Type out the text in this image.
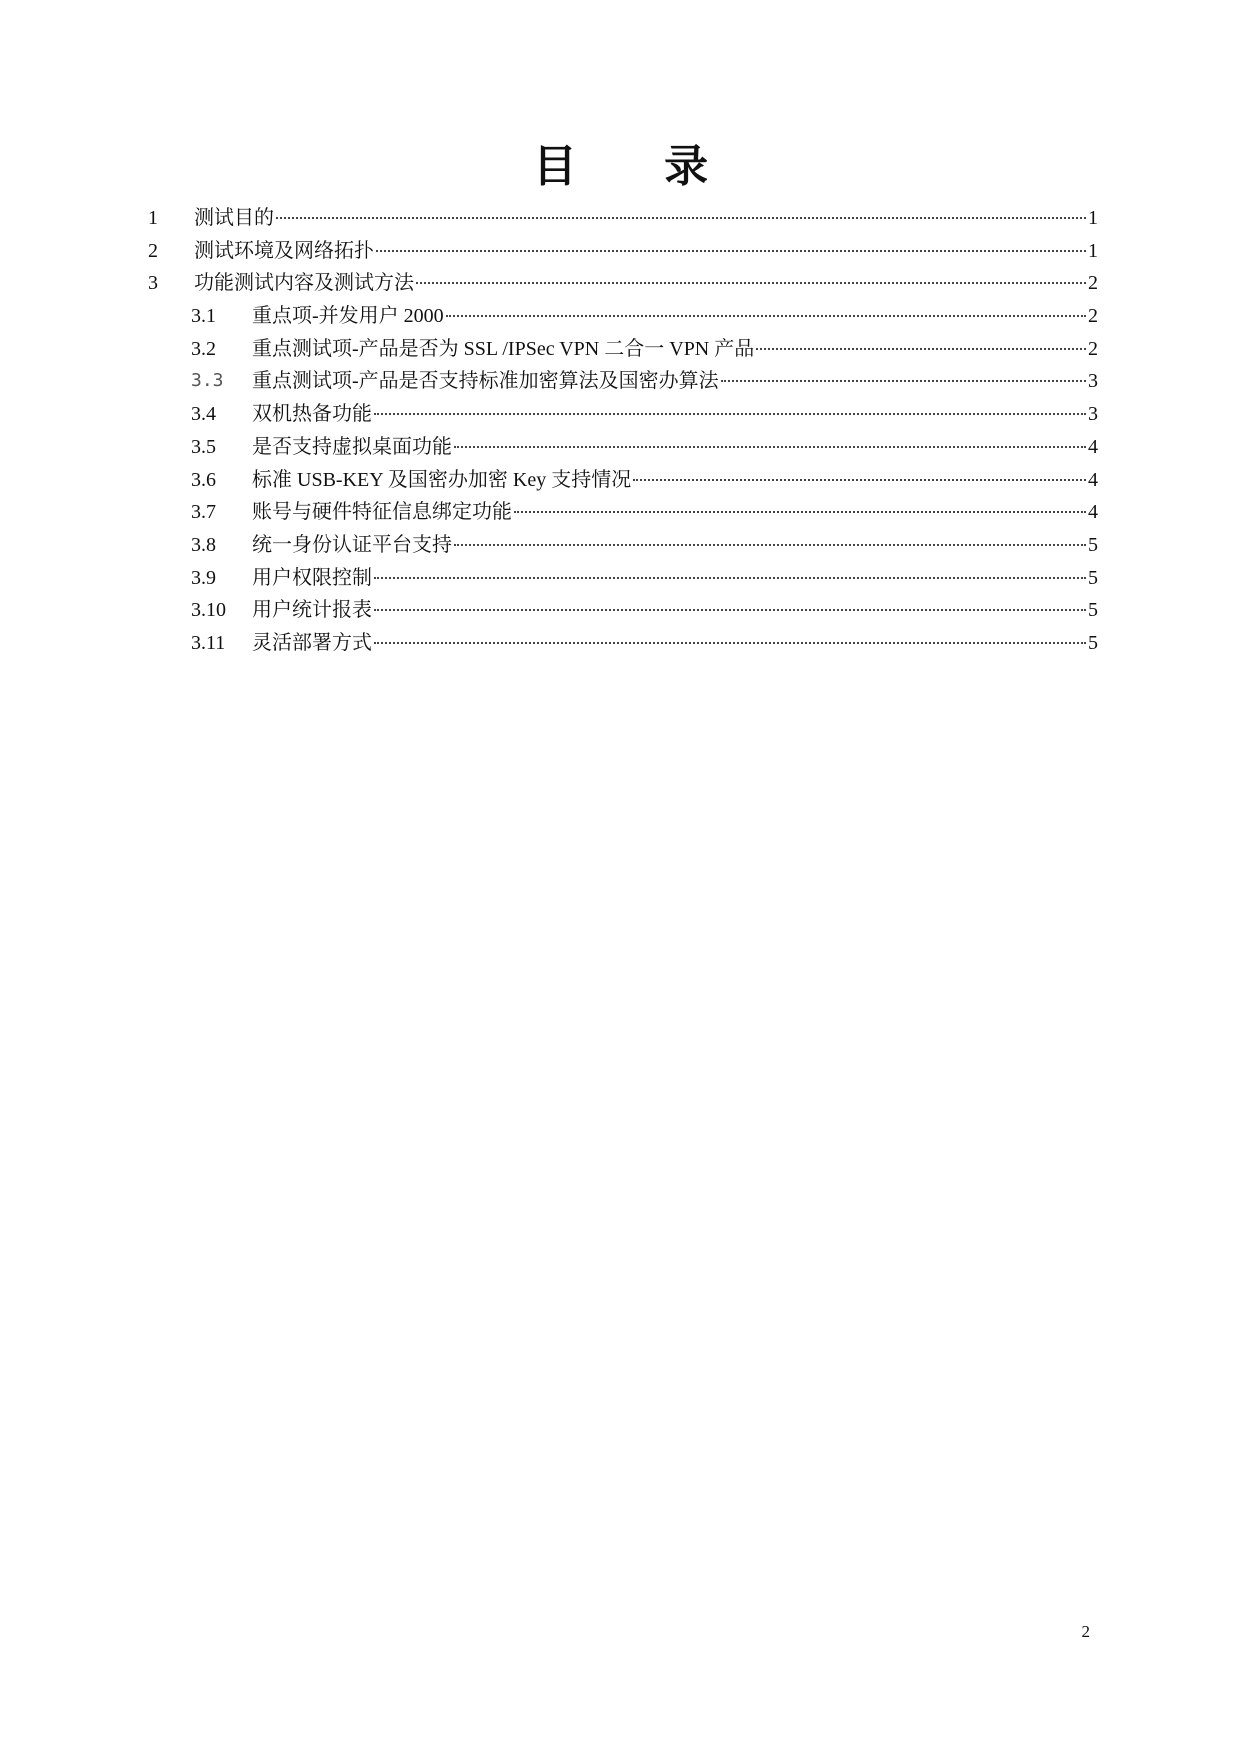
目 录
1 测试目的	1
2 测试环境及网络拓扑	1
3 功能测试内容及测试方法	2
3.1 重点项-并发用户 2000	2
3.2 重点测试项-产品是否为 SSL /IPSec VPN 二合一 VPN 产品	2
3.3 重点测试项-产品是否支持标准加密算法及国密办算法	3
3.4 双机热备功能	3
3.5 是否支持虚拟桌面功能	4
3.6 标准 USB-KEY 及国密办加密 Key 支持情况	4
3.7 账号与硬件特征信息绑定功能	4
3.8 统一身份认证平台支持	5
3.9 用户权限控制	5
3.10 用户统计报表	5
3.11 灵活部署方式	5
2
